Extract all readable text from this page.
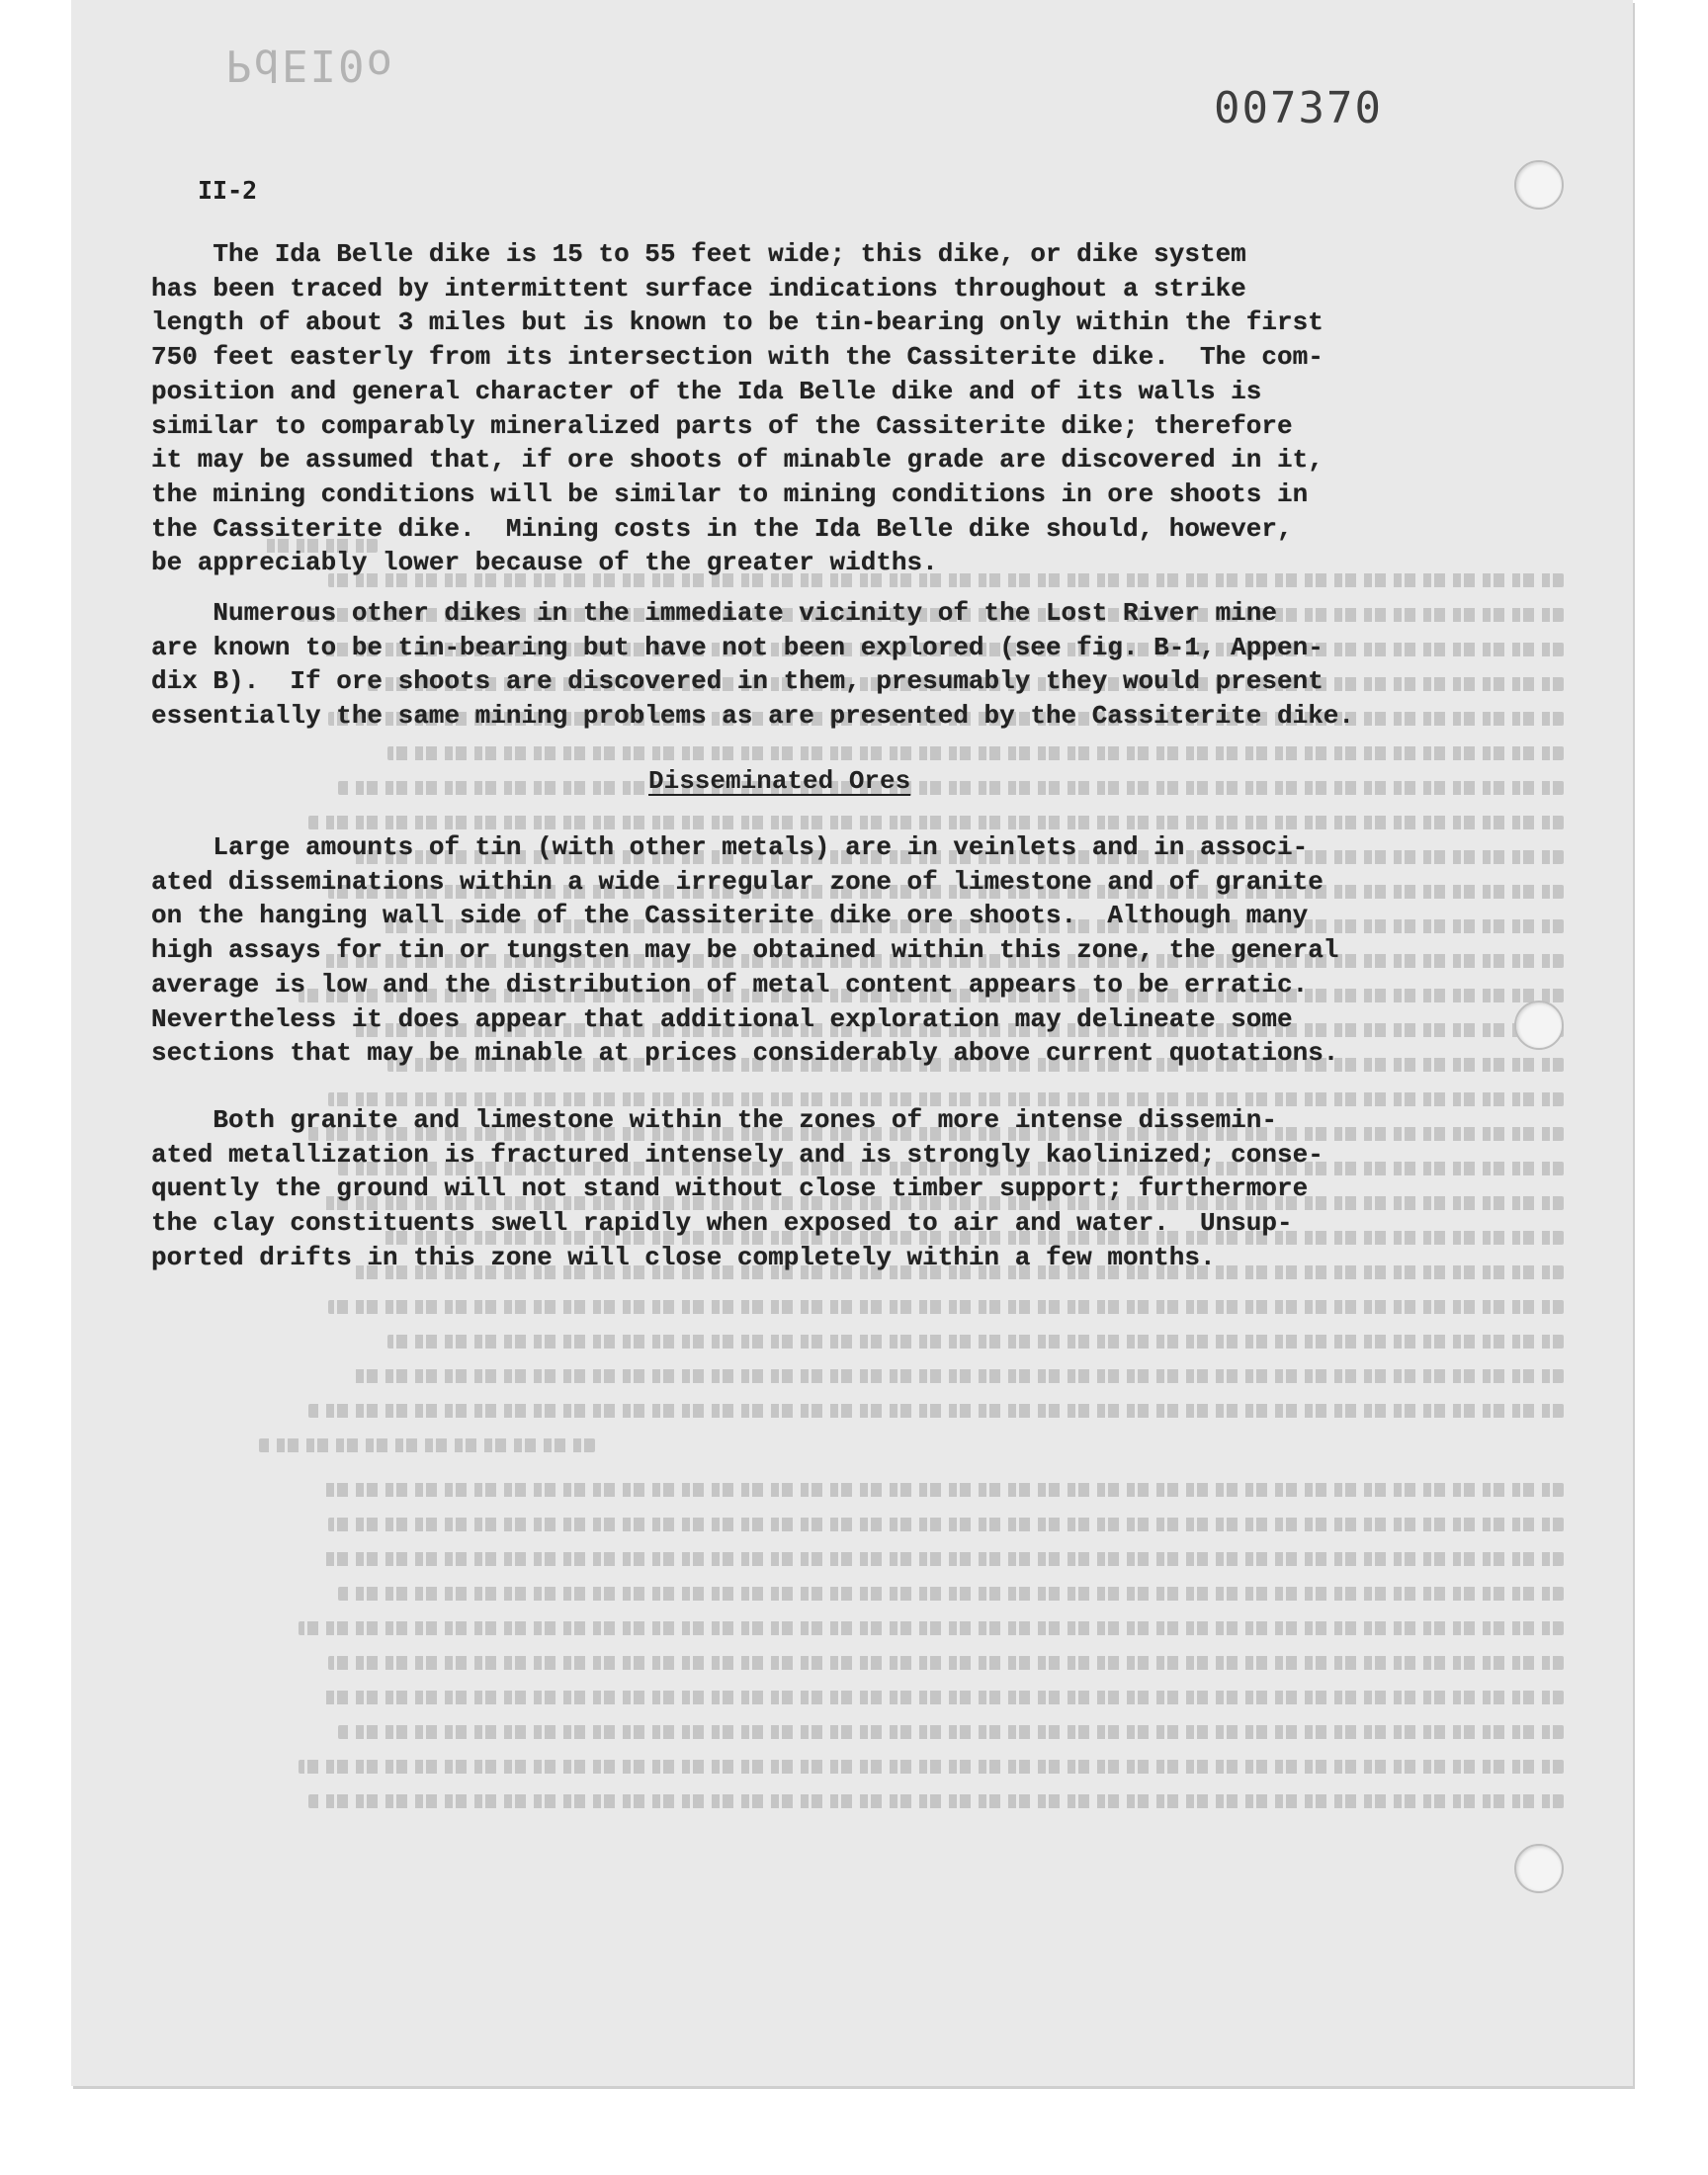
PdEI0o
007370
II-2
The Ida Belle dike is 15 to 55 feet wide; this dike, or dike system
has been traced by intermittent surface indications throughout a strike
length of about 3 miles but is known to be tin-bearing only within the first
750 feet easterly from its intersection with the Cassiterite dike.  The com-
position and general character of the Ida Belle dike and of its walls is
similar to comparably mineralized parts of the Cassiterite dike; therefore
it may be assumed that, if ore shoots of minable grade are discovered in it,
the mining conditions will be similar to mining conditions in ore shoots in
the Cassiterite dike.  Mining costs in the Ida Belle dike should, however,
be appreciably lower because of the greater widths.
Numerous other dikes in the immediate vicinity of the Lost River mine
are known to be tin-bearing but have not been explored (see fig. B-1, Appen-
dix B).  If ore shoots are discovered in them, presumably they would present
essentially the same mining problems as are presented by the Cassiterite dike.
Disseminated Ores
Large amounts of tin (with other metals) are in veinlets and in associ-
ated disseminations within a wide irregular zone of limestone and of granite
on the hanging wall side of the Cassiterite dike ore shoots.  Although many
high assays for tin or tungsten may be obtained within this zone, the general
average is low and the distribution of metal content appears to be erratic.
Nevertheless it does appear that additional exploration may delineate some
sections that may be minable at prices considerably above current quotations.
Both granite and limestone within the zones of more intense dissemin-
ated metallization is fractured intensely and is strongly kaolinized; conse-
quently the ground will not stand without close timber support; furthermore
the clay constituents swell rapidly when exposed to air and water.  Unsup-
ported drifts in this zone will close completely within a few months.
